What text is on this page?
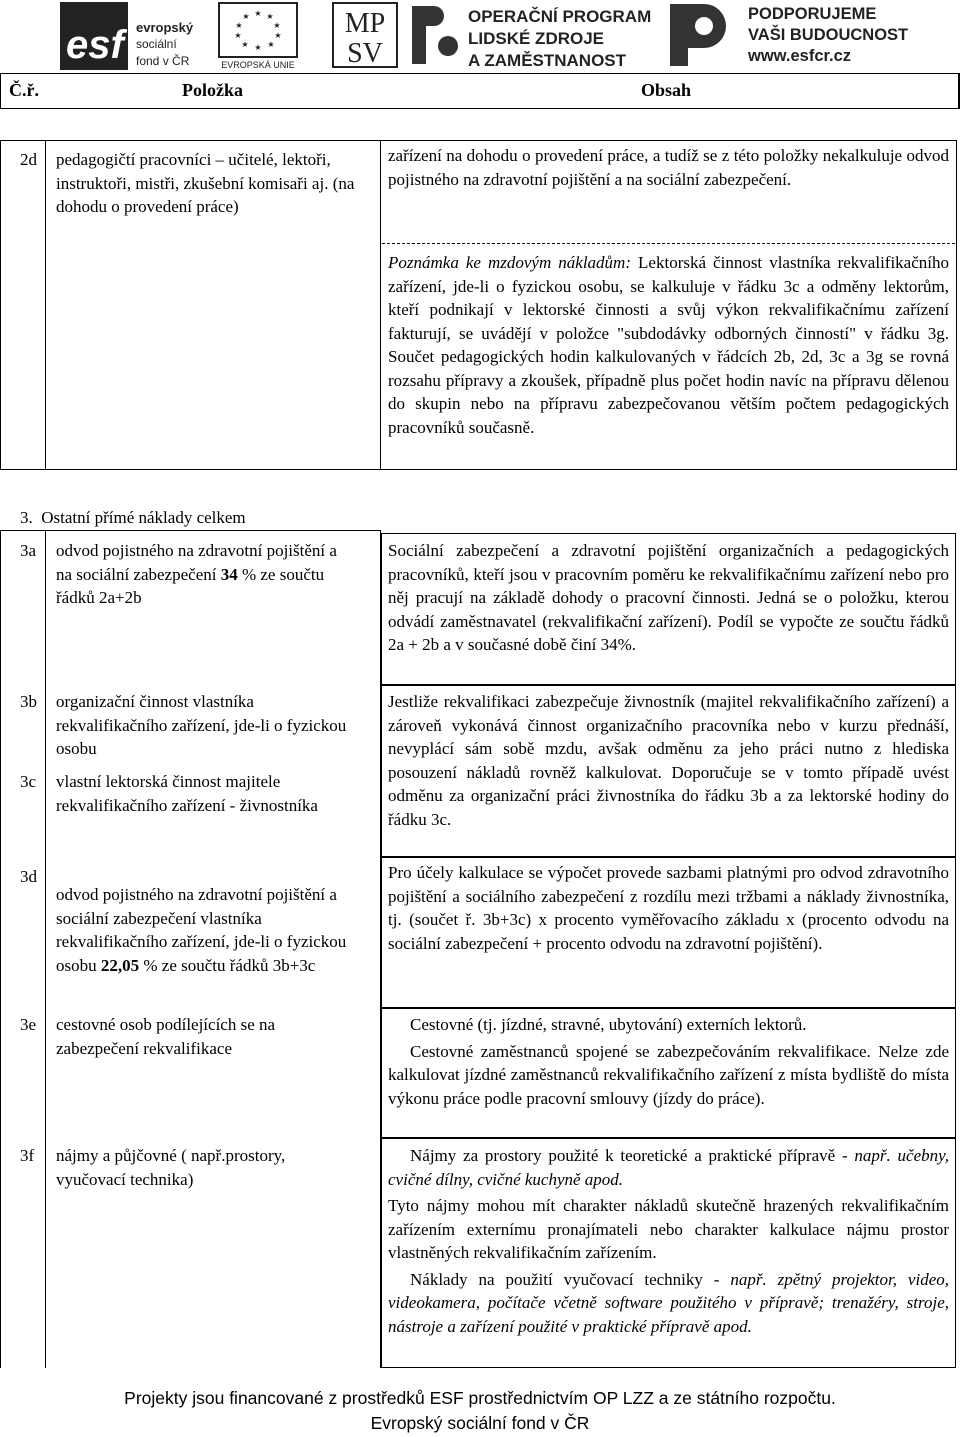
esf evropský
sociální
fond v ČR
★ ★
★
★
★
★
★
★
★
★
EVROPSKÁ UNIE
MP
SV
OPERAČNÍ PROGRAM
LIDSKÉ ZDROJE
A ZAMĚSTNANOST
PODPORUJEME
VAŠI BUDOUCNOST
www.esfcr.cz
Č.ř.	Položka	Obsah
2d pedagogičtí pracovníci – učitelé, lektoři, instruktoři, mistři, zkušební komisaři aj. (na dohodu o provedení práce)
zařízení na dohodu o provedení práce, a tudíž se z této položky nekalkuluje odvod pojistného na zdravotní pojištění a na sociální zabezpečení.
Poznámka ke mzdovým nákladům: Lektorská činnost vlastníka rekvalifikačního zařízení, jde-li o fyzickou osobu, se kalkuluje v řádku 3c a odměny lektorům, kteří podnikají v lektorské činnosti a svůj výkon rekvalifikačnímu zařízení fakturují, se uvádějí v položce "subdodávky odborných činností" v řádku 3g. Součet pedagogických hodin kalkulovaných v řádcích 2b, 2d, 3c a 3g se rovná rozsahu přípravy a zkoušek, případně plus počet hodin navíc na přípravu dělenou do skupin nebo na přípravu zabezpečovanou větším počtem pedagogických pracovníků současně.
3. Ostatní přímé náklady celkem
3a odvod pojistného na zdravotní pojištění a na sociální zabezpečení 34 % ze součtu řádků 2a+2b
Sociální zabezpečení a zdravotní pojištění organizačních a pedagogických pracovníků, kteří jsou v pracovním poměru ke rekvalifikačnímu zařízení nebo pro něj pracují na základě dohody o pracovní činnosti. Jedná se o položku, kterou odvádí zaměstnavatel (rekvalifikační zařízení). Podíl se vypočte ze součtu řádků 2a + 2b a v současné době činí 34%.
3b organizační činnost vlastníka rekvalifikačního zařízení, jde-li o fyzickou osobu
Jestliže rekvalifikaci zabezpečuje živnostník (majitel rekvalifikačního zařízení) a zároveň vykonává činnost organizačního pracovníka nebo v kurzu přednáší, nevyplácí sám sobě mzdu, avšak odměnu za jeho práci nutno z hlediska posouzení nákladů rovněž kalkulovat. Doporučuje se v tomto případě uvést odměnu za organizační práci živnostníka do řádku 3b a za lektorské hodiny do řádku 3c.
3c vlastní lektorská činnost majitele rekvalifikačního zařízení - živnostníka
3d
odvod pojistného na zdravotní pojištění a sociální zabezpečení vlastníka rekvalifikačního zařízení, jde-li o fyzickou osobu 22,05 % ze součtu řádků 3b+3c
Pro účely kalkulace se výpočet provede sazbami platnými pro odvod zdravotního pojištění a sociálního zabezpečení z rozdílu mezi tržbami a náklady živnostníka, tj. (součet ř. 3b+3c) x procento vyměřovacího základu x (procento odvodu na sociální zabezpečení + procento odvodu na zdravotní pojištění).
3e cestovné osob podílejících se na zabezpečení rekvalifikace

Cestovné (tj. jízdné, stravné, ubytování) externích lektorů.

Cestovné zaměstnanců spojené se zabezpečováním rekvalifikace. Nelze zde kalkulovat jízdné zaměstnanců rekvalifikačního zařízení z místa bydliště do místa výkonu práce podle pracovní smlouvy (jízdy do práce).

3f nájmy a půjčovné ( např.prostory, vyučovací technika)

Nájmy za prostory použité k teoretické a praktické přípravě - např. učebny, cvičné dílny, cvičné kuchyně apod.

Tyto nájmy mohou mít charakter nákladů skutečně hrazených rekvalifikačním zařízením externímu pronajímateli nebo charakter kalkulace nájmu prostor vlastněných rekvalifikačním zařízením.

Náklady na použití vyučovací techniky - např. zpětný projektor, video, videokamera, počítače včetně software použitého v přípravě; trenažéry, stroje, nástroje a zařízení použité v praktické přípravě apod.

Projekty jsou financované z prostředků ESF prostřednictvím OP LZZ a ze státního rozpočtu.
Evropský sociální fond v ČR
